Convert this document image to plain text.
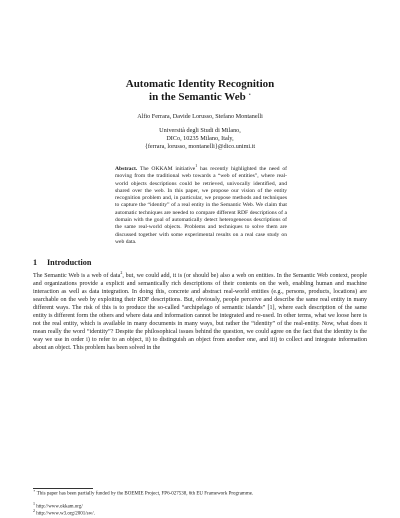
Automatic Identity Recognition
in the Semantic Web ⋆
Alfio Ferrara, Davide Lorusso, Stefano Montanelli
Università degli Studi di Milano,
DICo, 10235 Milano, Italy,
{ferrara, lorusso, montanelli}@dico.unimi.it
Abstract. The OKKAM initiative$^1$ has recently highlighted the need of moving from the traditional web towards a “web of entities”, where real-world objects descriptions could be retrieved, univocally identified, and shared over the web. In this paper, we propose our vision of the entity recognition problem and, in particular, we propose methods and techniques to capture the “identity” of a real entity in the Semantic Web. We claim that automatic techniques are needed to compare different RDF descriptions of a domain with the goal of automatically detect heterogeneous descriptions of the same real-world objects. Problems and techniques to solve them are discussed together with some experimental results on a real case study on web data.
1 Introduction
The Semantic Web is a web of data$^2$, but, we could add, it is (or should be) also a web on entities. In the Semantic Web context, people and organizations provide a explicit and semantically rich descriptions of their contents on the web, enabling human and machine interaction as well as data integration. In doing this, concrete and abstract real-world entities (e.g., persons, products, locations) are searchable on the web by exploiting their RDF descriptions. But, obviously, people perceive and describe the same real entity in many different ways. The risk of this is to produce the so-called “archipelago of semantic islands” [1], where each description of the same entity is different form the others and where data and information cannot be integrated and re-used. In other terms, what we loose here is not the real entity, which is available in many documents in many ways, but rather the “identity” of the real-entity. Now, what does it mean really the word “identity”? Despite the philosophical issues behind the question, we could agree on the fact that the identity is the way we use in order i) to refer to an object, ii) to distinguish an object from another one, and iii) to collect and integrate information about an object. This problem has been solved in the
⋆ This paper has been partially funded by the BOEMIE Project, FP6-027538, 6th EU Framework Programme.
$^1$ http://www.okkam.org/
$^2$ http://www.w3.org/2001/sw/.
